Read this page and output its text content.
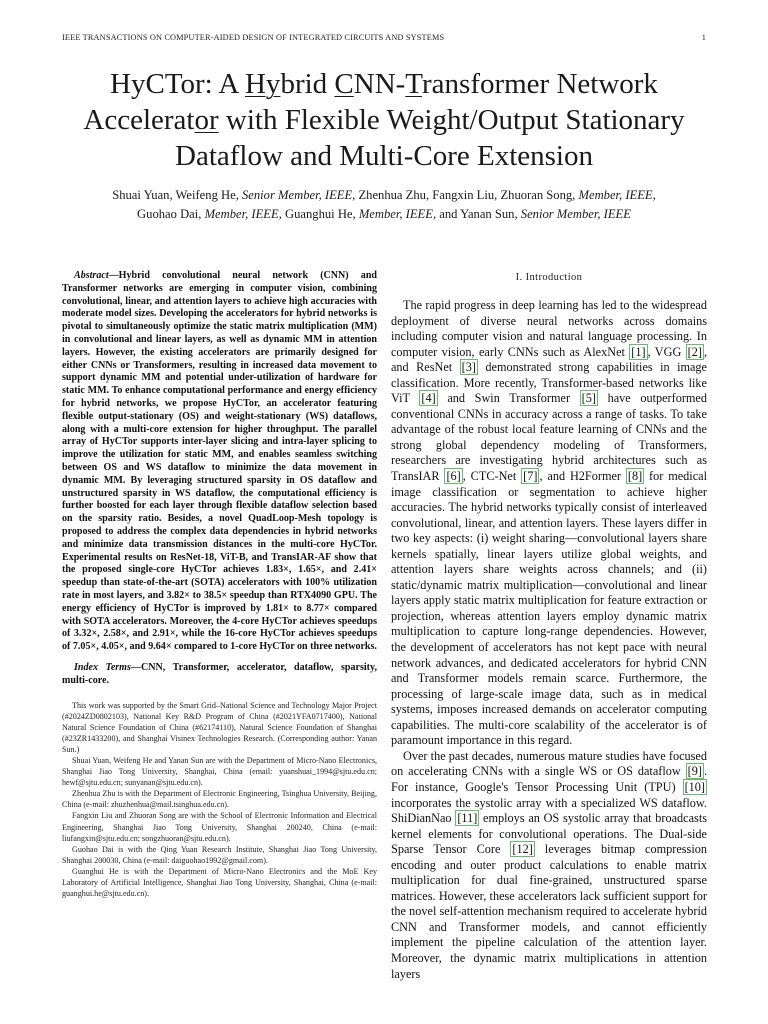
IEEE TRANSACTIONS ON COMPUTER-AIDED DESIGN OF INTEGRATED CIRCUITS AND SYSTEMS	1
HyCTor: A Hybrid CNN-Transformer Network
Accelerator with Flexible Weight/Output Stationary
Dataflow and Multi-Core Extension
Shuai Yuan, Weifeng He, Senior Member, IEEE, Zhenhua Zhu, Fangxin Liu, Zhuoran Song, Member, IEEE,
Guohao Dai, Member, IEEE, Guanghui He, Member, IEEE, and Yanan Sun, Senior Member, IEEE

Abstract—Hybrid convolutional neural network (CNN) and Transformer networks are emerging in computer vision, combining convolutional, linear, and attention layers to achieve high accuracies with moderate model sizes. Developing the accelerators for hybrid networks is pivotal to simultaneously optimize the static matrix multiplication (MM) in convolutional and linear layers, as well as dynamic MM in attention layers. However, the existing accelerators are primarily designed for either CNNs or Transformers, resulting in increased data movement to support dynamic MM and potential under-utilization of hardware for static MM. To enhance computational performance and energy efficiency for hybrid networks, we propose HyCTor, an accelerator featuring flexible output-stationary (OS) and weight-stationary (WS) dataflows, along with a multi-core extension for higher throughput. The parallel array of HyCTor supports inter-layer slicing and intra-layer splicing to improve the utilization for static MM, and enables seamless switching between OS and WS dataflow to minimize the data movement in dynamic MM. By leveraging structured sparsity in OS dataflow and unstructured sparsity in WS dataflow, the computational efficiency is further boosted for each layer through flexible dataflow selection based on the sparsity ratio. Besides, a novel QuadLoop-Mesh topology is proposed to address the complex data dependencies in hybrid networks and minimize data transmission distances in the multi-core HyCTor. Experimental results on ResNet-18, ViT-B, and TransIAR-AF show that the proposed single-core HyCTor achieves 1.83×, 1.65×, and 2.41× speedup than state-of-the-art (SOTA) accelerators with 100% utilization rate in most layers, and 3.82× to 38.5× speedup than RTX4090 GPU. The energy efficiency of HyCTor is improved by 1.81× to 8.77× compared with SOTA accelerators. Moreover, the 4-core HyCTor achieves speedups of 3.32×, 2.58×, and 2.91×, while the 16-core HyCTor achieves speedups of 7.05×, 4.05×, and 9.64× compared to 1-core HyCTor on three networks.

Index Terms—CNN, Transformer, accelerator, dataflow, sparsity, multi-core.

This work was supported by the Smart Grid–National Science and Technology Major Project (#2024ZD0802103), National Key R&D Program of China (#2021YFA0717400), National Natural Science Foundation of China (#62174110), Natural Science Foundation of Shanghai (#23ZR1433200), and Shanghai Visinex Technologies Research. (Corresponding author: Yanan Sun.)

Shuai Yuan, Weifeng He and Yanan Sun are with the Department of Micro-Nano Electronics, Shanghai Jiao Tong University, Shanghai, China (email: yuanshuai_1994@sjtu.edu.cn; hewf@sjtu.edu.cn; sunyanan@sjtu.edu.cn).

Zhenhua Zhu is with the Department of Electronic Engineering, Tsinghua University, Beijing, China (e-mail: zhuzhenhua@mail.tsinghua.edu.cn).

Fangxin Liu and Zhuoran Song are with the School of Electronic Information and Electrical Engineering, Shanghai Jiao Tong University, Shanghai 200240, China (e-mail: liufangxin@sjtu.edu.cn; songzhuoran@sjtu.edu.cn).

Guohao Dai is with the Qing Yuan Research Institute, Shanghai Jiao Tong University, Shanghai 200030, China (e-mail: daiguohao1992@gmail.com).

Guanghui He is with the Department of Micro-Nano Electronics and the MoE Key Laboratory of Artificial Intelligence, Shanghai Jiao Tong University, Shanghai, China (e-mail: guanghui.he@sjtu.edu.cn).

I. Introduction

The rapid progress in deep learning has led to the widespread deployment of diverse neural networks across domains including computer vision and natural language processing. In computer vision, early CNNs such as AlexNet [1] , VGG [2] , and ResNet [3] demonstrated strong capabilities in image classification. More recently, Transformer-based networks like ViT [4] and Swin Transformer [5] have outperformed conventional CNNs in accuracy across a range of tasks. To take advantage of the robust local feature learning of CNNs and the strong global dependency modeling of Transformers, researchers are investigating hybrid architectures such as TransIAR [6] , CTC-Net [7] , and H2Former [8] for medical image classification or segmentation to achieve higher accuracies. The hybrid networks typically consist of interleaved convolutional, linear, and attention layers. These layers differ in two key aspects: (i) weight sharing—convolutional layers share kernels spatially, linear layers utilize global weights, and attention layers share weights across channels; and (ii) static/dynamic matrix multiplication—convolutional and linear layers apply static matrix multiplication for feature extraction or projection, whereas attention layers employ dynamic matrix multiplication to capture long-range dependencies. However, the development of accelerators has not kept pace with neural network advances, and dedicated accelerators for hybrid CNN and Transformer models remain scarce. Furthermore, the processing of large-scale image data, such as in medical systems, imposes increased demands on accelerator computing capabilities. The multi-core scalability of the accelerator is of paramount importance in this regard.

Over the past decades, numerous mature studies have focused on accelerating CNNs with a single WS or OS dataflow [9] . For instance, Google's Tensor Processing Unit (TPU) [10] incorporates the systolic array with a specialized WS dataflow. ShiDianNao [11] employs an OS systolic array that broadcasts kernel elements for convolutional operations. The Dual-side Sparse Tensor Core [12] leverages bitmap compression encoding and outer product calculations to enable matrix multiplication for dual fine-grained, unstructured sparse matrices. However, these accelerators lack sufficient support for the novel self-attention mechanism required to accelerate hybrid CNN and Transformer models, and cannot efficiently implement the pipeline calculation of the attention layer. Moreover, the dynamic matrix multiplications in attention layers
